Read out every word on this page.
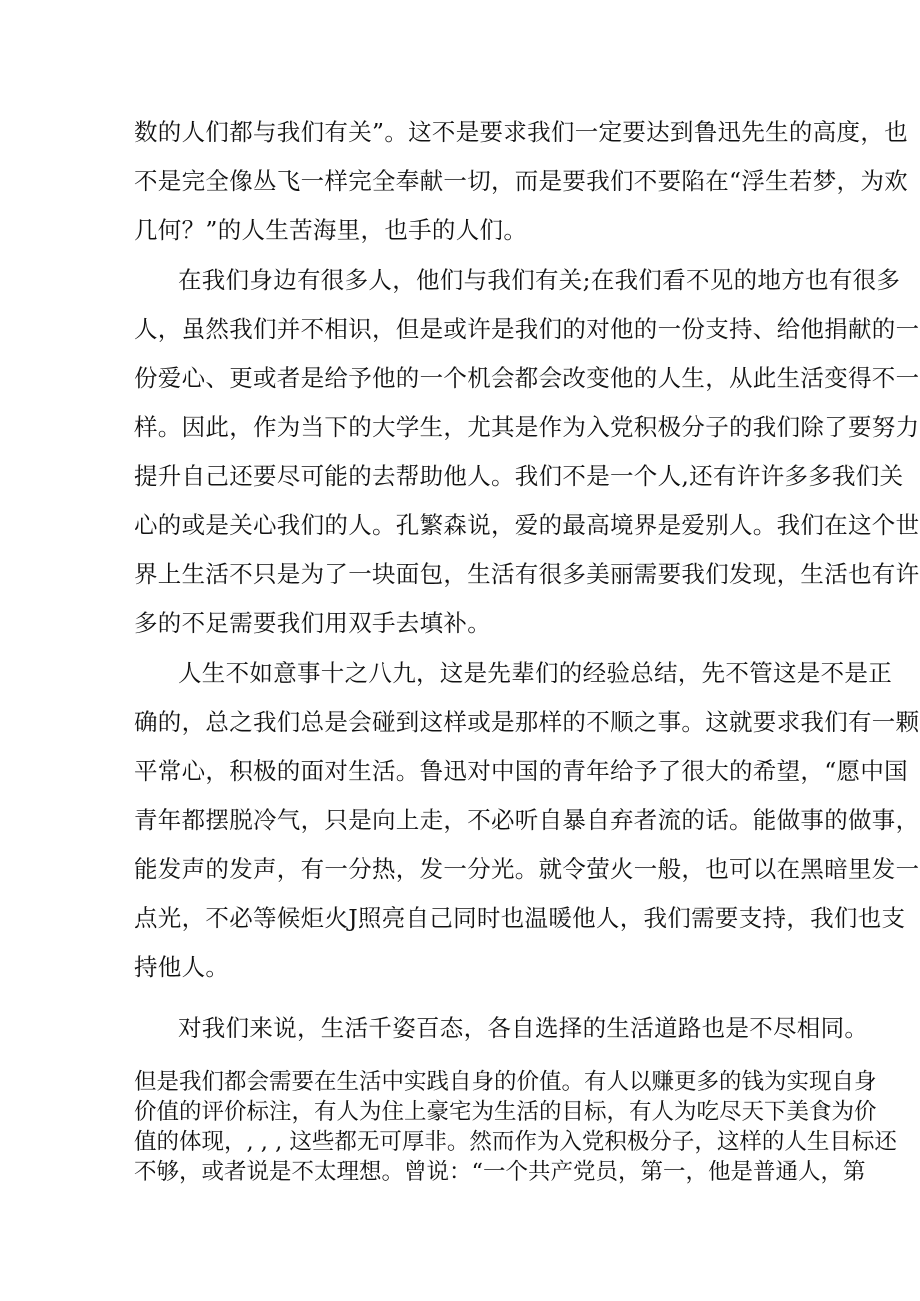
数的人们都与我们有关”。这不是要求我们一定要达到鲁迅先生的高度，也
不是完全像丛飞一样完全奉献一切，而是要我们不要陷在“浮生若梦，为欢
几何？”的人生苦海里，也手的人们。
在我们身边有很多人，他们与我们有关;在我们看不见的地方也有很多
人，虽然我们并不相识，但是或许是我们的对他的一份支持、给他捐献的一
份爱心、更或者是给予他的一个机会都会改变他的人生，从此生活变得不一
样。因此，作为当下的大学生，尤其是作为入党积极分子的我们除了要努力
提升自己还要尽可能的去帮助他人。我们不是一个人,还有许许多多我们关
心的或是关心我们的人。孔繁森说，爱的最高境界是爱别人。我们在这个世
界上生活不只是为了一块面包，生活有很多美丽需要我们发现，生活也有许
多的不足需要我们用双手去填补。
人生不如意事十之八九，这是先辈们的经验总结，先不管这是不是正
确的，总之我们总是会碰到这样或是那样的不顺之事。这就要求我们有一颗
平常心，积极的面对生活。鲁迅对中国的青年给予了很大的希望，“愿中国
青年都摆脱冷气，只是向上走，不必听自暴自弃者流的话。能做事的做事，
能发声的发声，有一分热，发一分光。就令萤火一般，也可以在黑暗里发一
点光，不必等候炬火J照亮自己同时也温暖他人，我们需要支持，我们也支
持他人。
对我们来说，生活千姿百态，各自选择的生活道路也是不尽相同。
但是我们都会需要在生活中实践自身的价值。有人以赚更多的钱为实现自身
价值的评价标注，有人为住上豪宅为生活的目标，有人为吃尽天下美食为价
值的体现，, , , 这些都无可厚非。然而作为入党积极分子，这样的人生目标还
不够，或者说是不太理想。曾说：“一个共产党员，第一，他是普通人，第
